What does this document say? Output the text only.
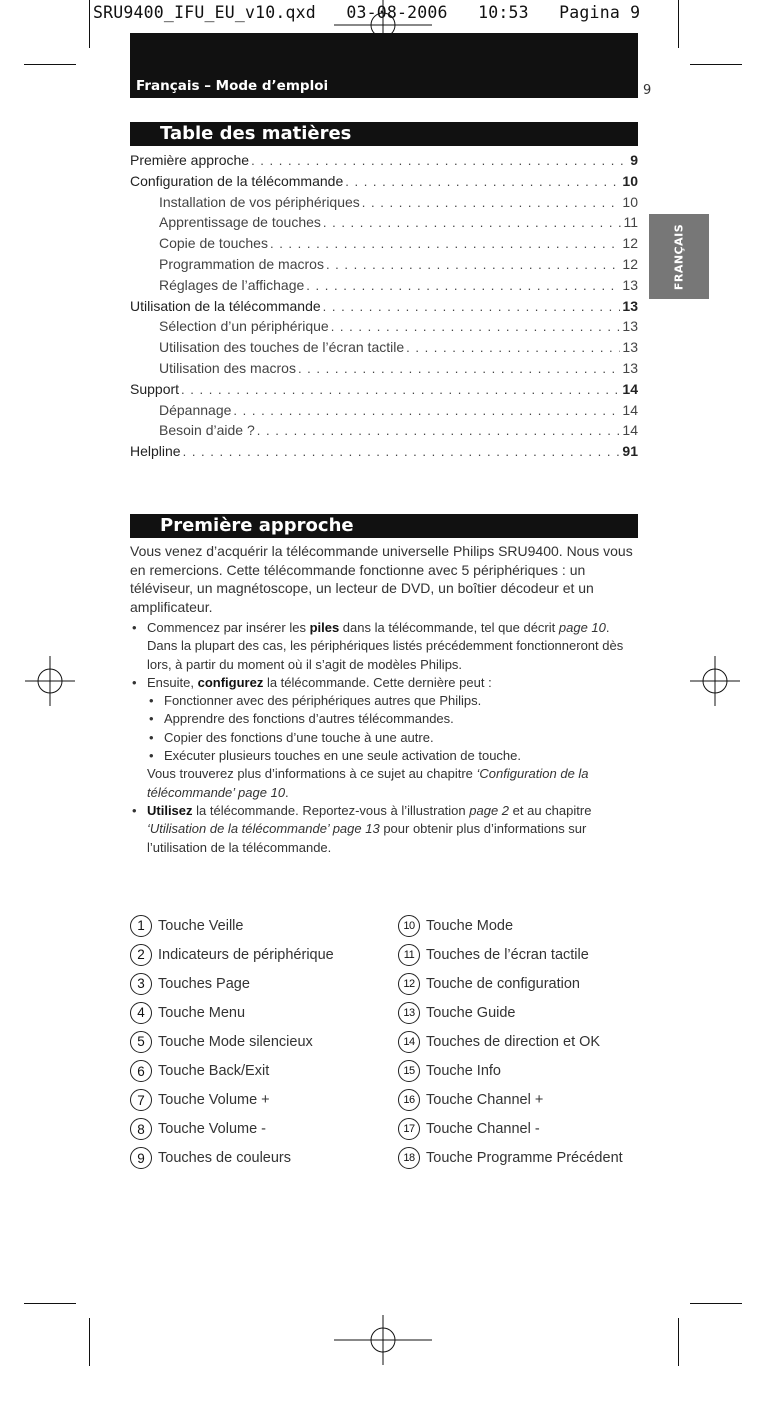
SRU9400_IFU_EU_v10.qxd   03-08-2006   10:53   Pagina 9
Français – Mode d’emploi	9
FRANÇAIS
Table des matières
Première approche . . .	9
Configuration de la télécommande . . .	10
Installation de vos périphériques . . .	10
Apprentissage de touches . . .	11
Copie de touches . . .	12
Programmation de macros . . .	12
Réglages de l’affichage . . .	13
Utilisation de la télécommande . . .	13
Sélection d’un périphérique . . .	13
Utilisation des touches de l’écran tactile . . .	13
Utilisation des macros . . .	13
Support . . .	14
Dépannage . . .	14
Besoin d’aide ? . . .	14
Helpline . . .	91
Première approche

Vous venez d’acquérir la télécommande universelle Philips SRU9400. Nous vous en remercions. Cette télécommande fonctionne avec 5 périphériques : un téléviseur, un magnétoscope, un lecteur de DVD, un boîtier décodeur et un amplificateur.

• Commencez par insérer les piles dans la télécommande, tel que décrit page 10. Dans la plupart des cas, les périphériques listés précédemment fonctionneront dès lors, à partir du moment où il s’agit de modèles Philips.
• Ensuite, configurez la télécommande. Cette dernière peut :
• Fonctionner avec des périphériques autres que Philips.
• Apprendre des fonctions d’autres télécommandes.
• Copier des fonctions d’une touche à une autre.
• Exécuter plusieurs touches en une seule activation de touche.
Vous trouverez plus d’informations à ce sujet au chapitre ‘Configuration de la télécommande’ page 10.
• Utilisez la télécommande. Reportez-vous à l’illustration page 2 et au chapitre ‘Utilisation de la télécommande’ page 13 pour obtenir plus d’informations sur l’utilisation de la télécommande.
1 Touche Veille
2 Indicateurs de périphérique
3 Touches Page
4 Touche Menu
5 Touche Mode silencieux
6 Touche Back/Exit
7 Touche Volume +
8 Touche Volume -
9 Touches de couleurs
10 Touche Mode
11 Touches de l’écran tactile
12 Touche de configuration
13 Touche Guide
14 Touches de direction et OK
15 Touche Info
16 Touche Channel +
17 Touche Channel -
18 Touche Programme Précédent
